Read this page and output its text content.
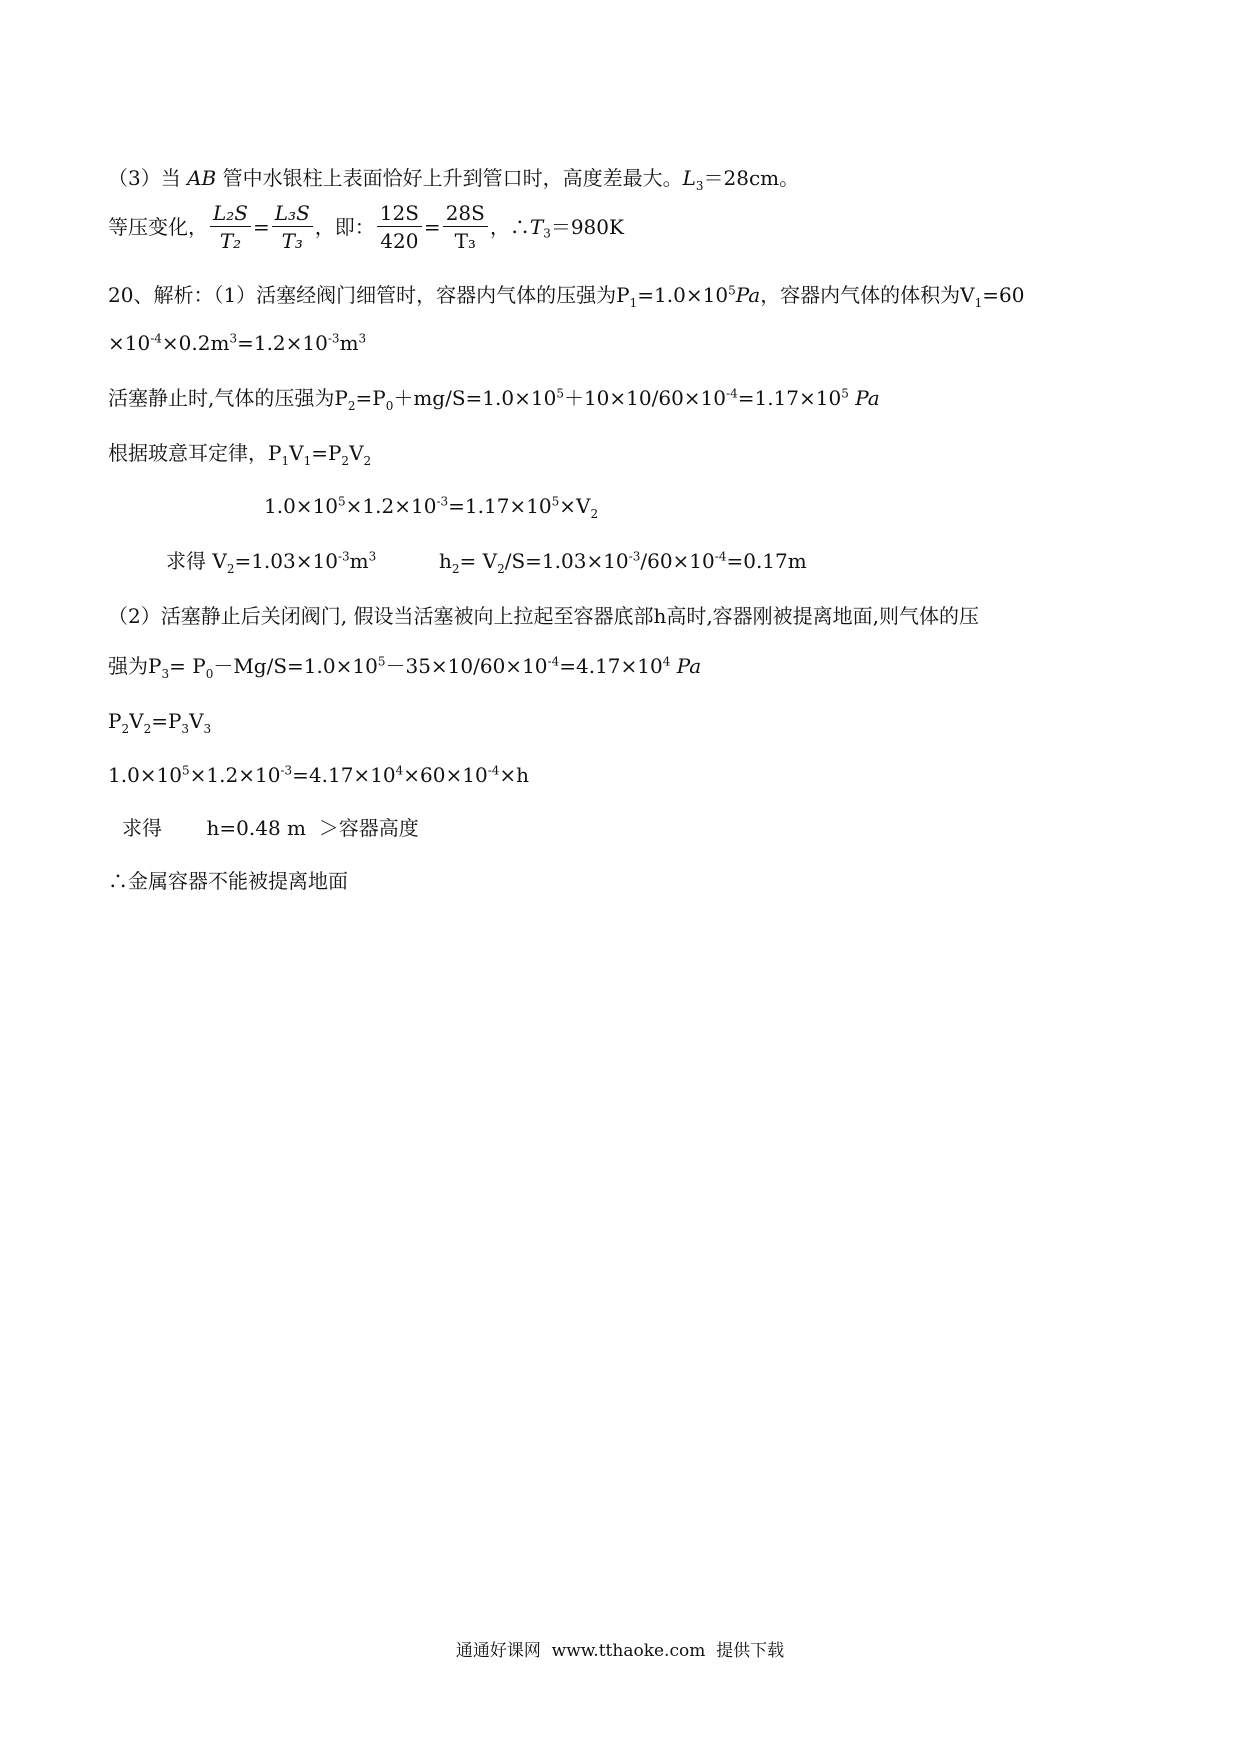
（3）当 AB 管中水银柱上表面恰好上升到管口时，高度差最大。$L_3=28cm$。
等压变化， $\frac{\text{L₂S}}{\text{T₂}} = \frac{\text{L₃S}}{\text{T₃}}$ ，即： $\frac{12S}{420} = \frac{28S}{\text{T₃}}$ ，$\therefore T_3=980K$
20、解析：（1）活塞经阀门细管时，容器内气体的压强为$P_1=1.0\times 10^5Pa$，容器内气体的体积为$V_1=60$
$\times 10^{-4}\times 0.2m^3=1.2\times 10^{-3}m^3$
活塞静止时,气体的压强为$P_2=P_0+mg/S=1.0\times 10^5+10\times 10/60\times 10^{-4}=1.17\times 10^5$ Pa
根据玻意耳定律，$P_1V_1=P_2V_2$
$1.0\times 10^5\times 1.2\times 10^{-3}=1.17\times 10^5\times V_2$
求得 $V_2=1.03\times 10^{-3}m^3$	$h_2= V_2/S=1.03\times 10^{-3}/60\times 10^{-4}=0.17m$
（2）活塞静止后关闭阀门, 假设当活塞被向上拉起至容器底部h高时,容器刚被提离地面,则气体的压
强为$P_3= P_0-Mg/S=1.0\times 10^5-35\times 10/60\times 10^{-4}=4.17\times 10^4$ Pa
$P_2V_2=P_3V_3$
$1.0\times 10^5\times 1.2\times 10^{-3}=4.17\times 10^4\times 60\times 10^{-4}\times h$
求得       h=0.48 m  ＞容器高度
∴金属容器不能被提离地面
通通好课网  www.tthaoke.com  提供下载
